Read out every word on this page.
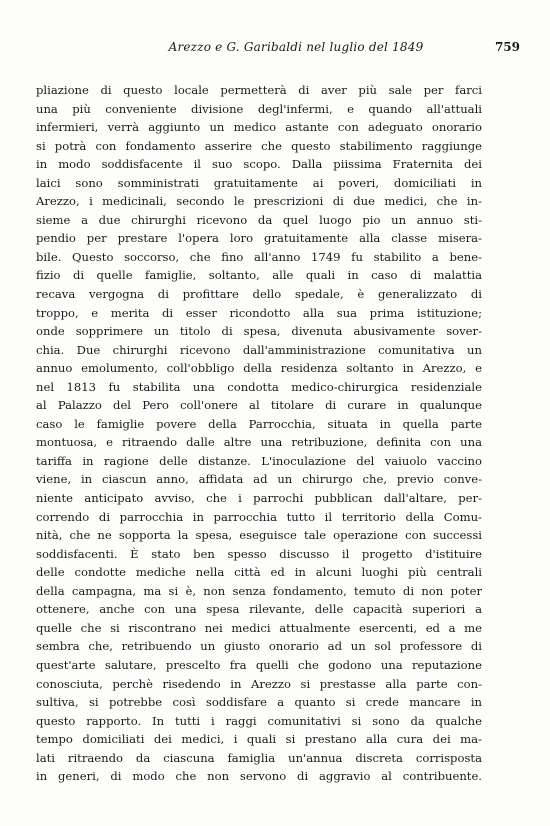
Arezzo e G. Garibaldi nel luglio del 1849	759
pliazione di questo locale permetterà di aver più sale per farci
una più conveniente divisione degl'infermi, e quando all'attuali
infermieri, verrà aggiunto un medico astante con adeguato onorario
si potrà con fondamento asserire che questo stabilimento raggiunge
in modo soddisfacente il suo scopo. Dalla piissima Fraternita dei
laici sono somministrati gratuitamente ai poveri, domiciliati in
Arezzo, i medicinali, secondo le prescrizioni di due medici, che in-
sieme a due chirurghi ricevono da quel luogo pio un annuo sti-
pendio per prestare l'opera loro gratuitamente alla classe misera-
bile. Questo soccorso, che fino all'anno 1749 fu stabilito a bene-
fizio di quelle famiglie, soltanto, alle quali in caso di malattia
recava vergogna di profittare dello spedale, è generalizzato di
troppo, e merita di esser ricondotto alla sua prima istituzione;
onde sopprimere un titolo di spesa, divenuta abusivamente sover-
chia. Due chirurghi ricevono dall'amministrazione comunitativa un
annuo emolumento, coll'obbligo della residenza soltanto in Arezzo, e
nel 1813 fu stabilita una condotta medico-chirurgica residenziale
al Palazzo del Pero coll'onere al titolare di curare in qualunque
caso le famiglie povere della Parrocchia, situata in quella parte
montuosa, e ritraendo dalle altre una retribuzione, definita con una
tariffa in ragione delle distanze. L'inoculazione del vaiuolo vaccino
viene, in ciascun anno, affidata ad un chirurgo che, previo conve-
niente anticipato avviso, che i parrochi pubblican dall'altare, per-
correndo di parrocchia in parrocchia tutto il territorio della Comu-
nità, che ne sopporta la spesa, eseguisce tale operazione con successi
soddisfacenti. È stato ben spesso discusso il progetto d'istituire
delle condotte mediche nella città ed in alcuni luoghi più centrali
della campagna, ma si è, non senza fondamento, temuto di non poter
ottenere, anche con una spesa rilevante, delle capacità superiori a
quelle che si riscontrano nei medici attualmente esercenti, ed a me
sembra che, retribuendo un giusto onorario ad un sol professore di
quest'arte salutare, prescelto fra quelli che godono una reputazione
conosciuta, perchè risedendo in Arezzo si prestasse alla parte con-
sultiva, si potrebbe così soddisfare a quanto si crede mancare in
questo rapporto. In tutti i raggi comunitativi si sono da qualche
tempo domiciliati dei medici, i quali si prestano alla cura dei ma-
lati ritraendo da ciascuna famiglia un'annua discreta corrisposta
in generi, di modo che non servono di aggravio al contribuente.
